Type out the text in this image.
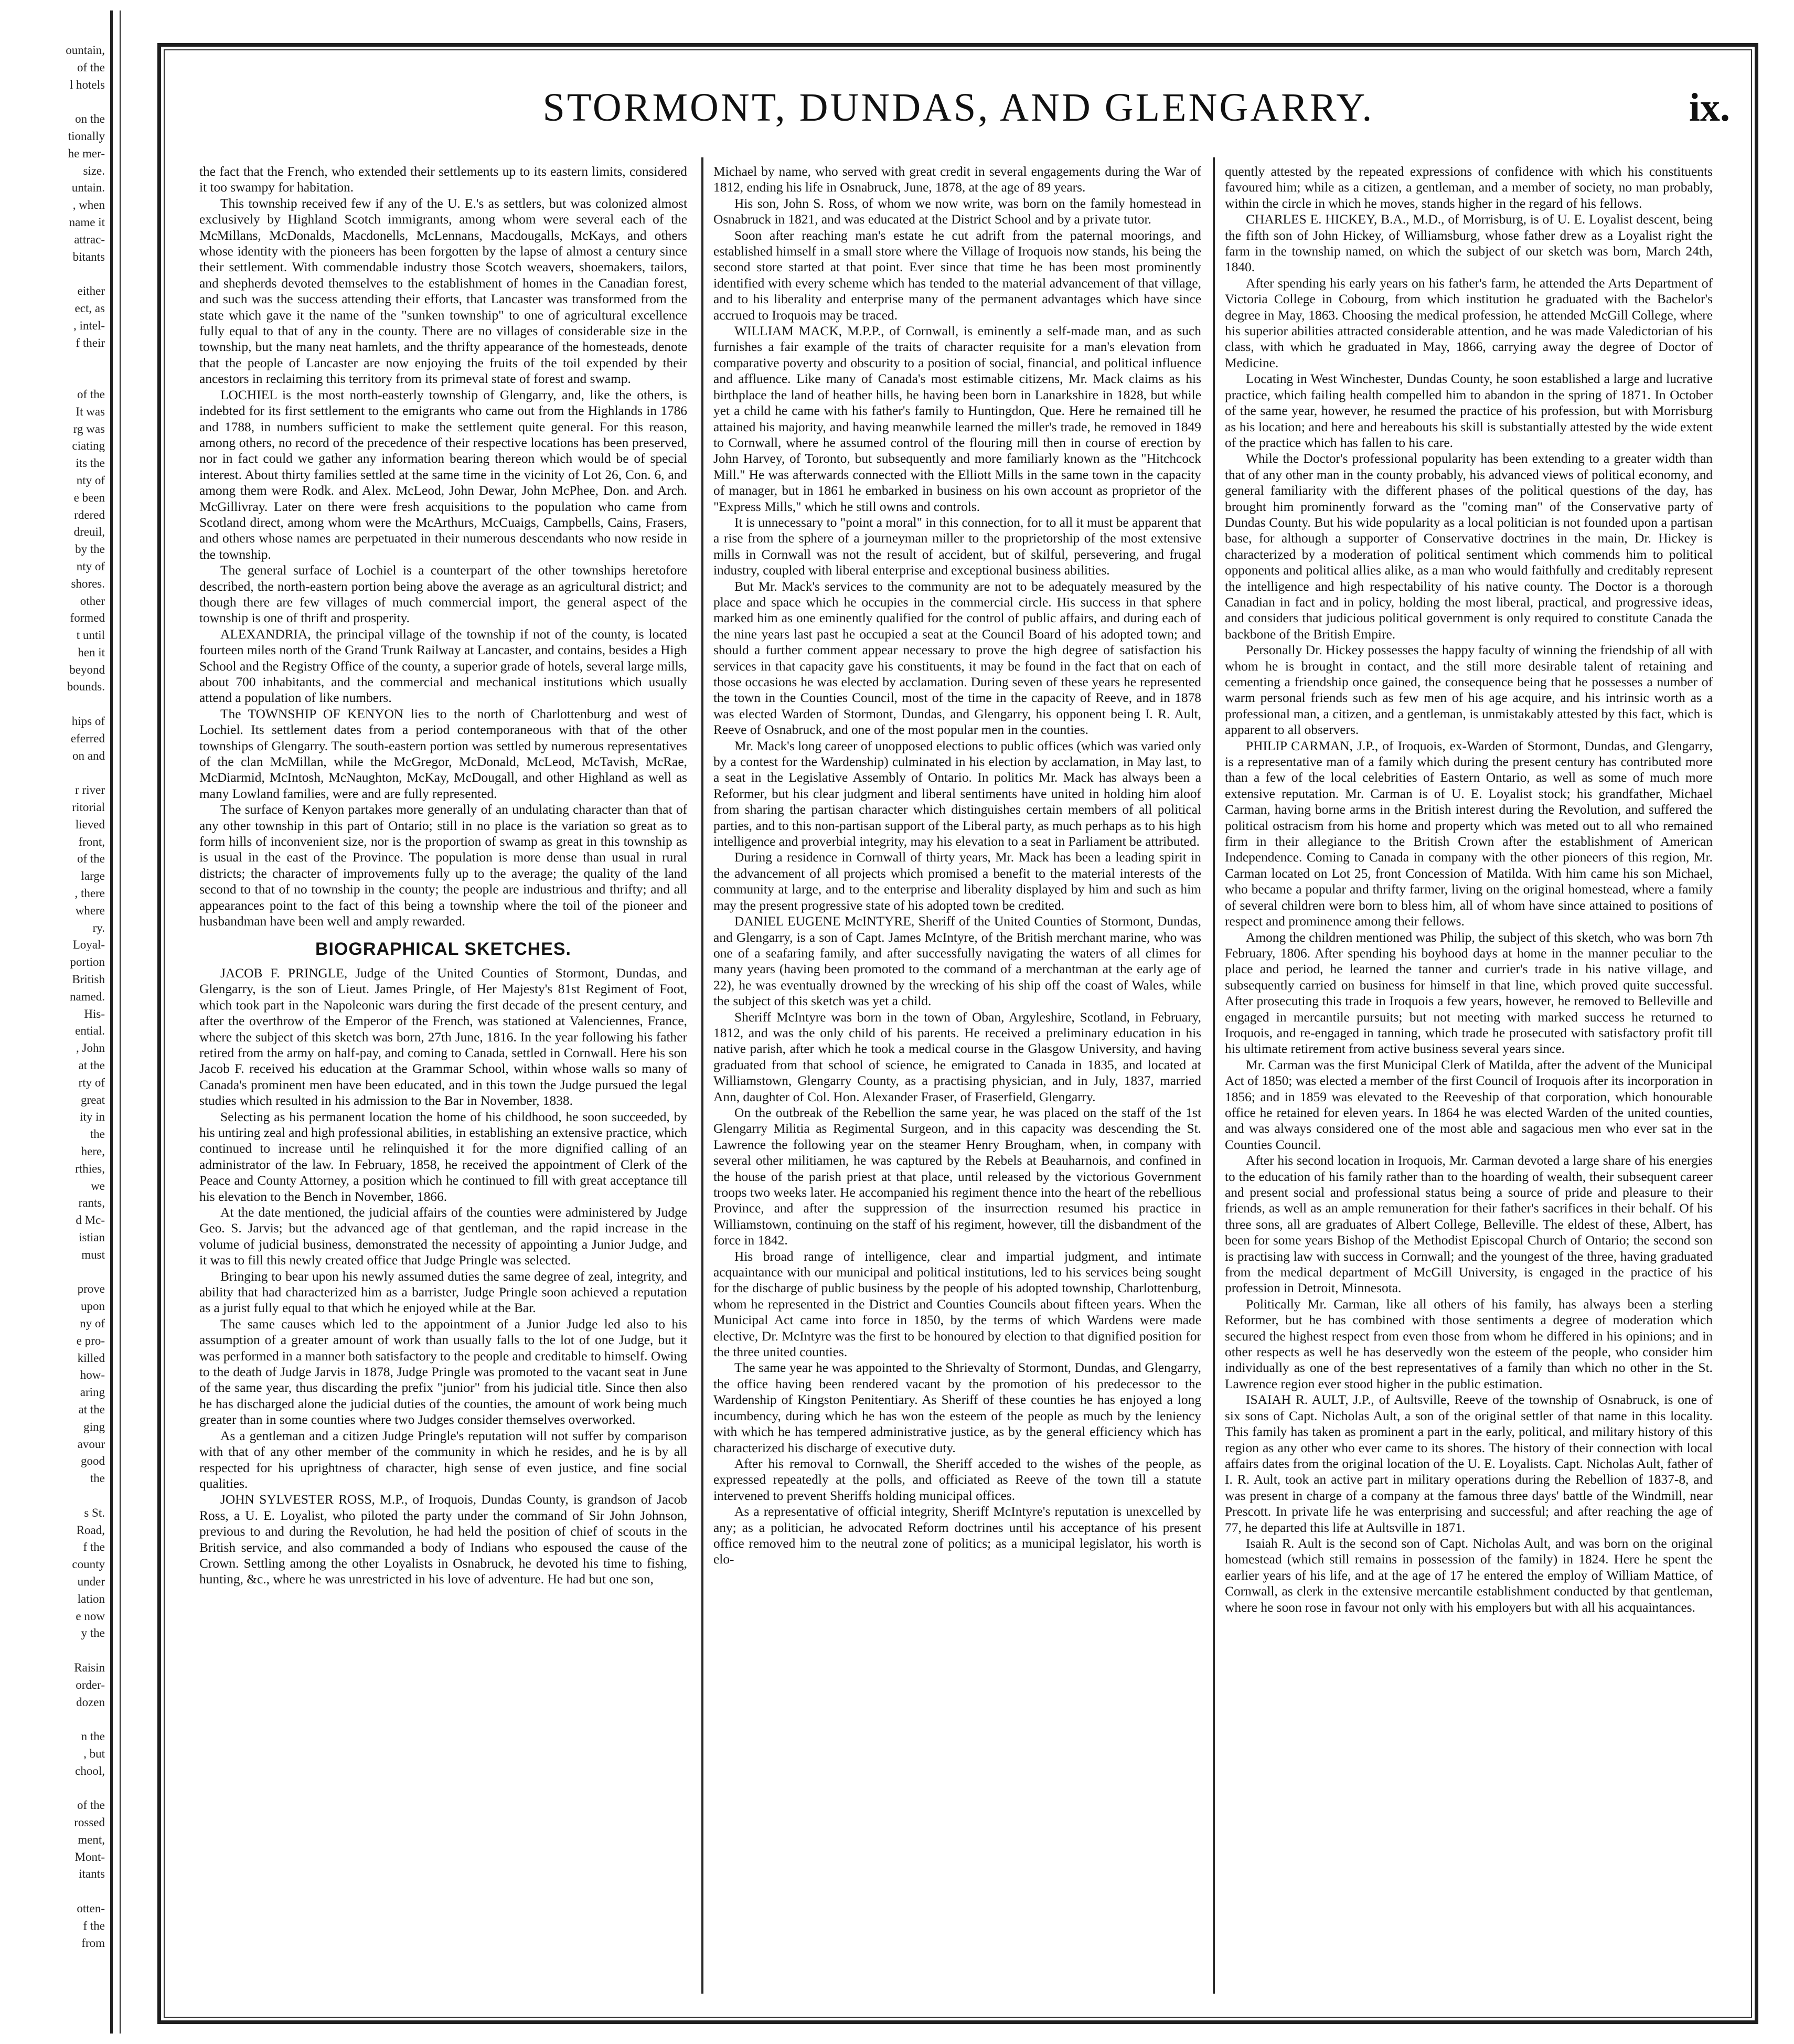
ountain,
of the
l hotels

on the
tionally
he mer-
size.
untain.
, when
name it
attrac-
bitants

either
ect, as
, intel-
f their

of the
It was
rg was
ciating
its the
nty of
e been
rdered
dreuil,
by the
nty of
shores.
other
formed
t until
hen it
beyond
bounds.

hips of
eferred
on and

r river
ritorial
lieved
front,
of the
large
, there
where
ry.
Loyal-
portion
British
named.
His-
ential.
, John
at the
rty of
great
ity in
the
here,
rthies,
we
rants,
d Mc-
istian
must

prove
upon
ny of
e pro-
killed
how-
aring
at the
ging
avour
good
the

s St.
Road,
f the
county
under
lation
e now
y the

Raisin
order-
dozen

n the
, but
chool,

of the
rossed
ment,
Mont-
itants

otten-
f the
from
STORMONT, DUNDAS, AND GLENGARRY.	ix.

the fact that the French, who extended their settlements up to its eastern limits, considered it too swampy for habitation.

This township received few if any of the U. E.'s as settlers, but was colonized almost exclusively by Highland Scotch immigrants, among whom were several each of the McMillans, McDonalds, Macdonells, McLennans, Macdougalls, McKays, and others whose identity with the pioneers has been forgotten by the lapse of almost a century since their settlement. With commendable industry those Scotch weavers, shoemakers, tailors, and shepherds devoted themselves to the establishment of homes in the Canadian forest, and such was the success attending their efforts, that Lancaster was transformed from the state which gave it the name of the "sunken township" to one of agricultural excellence fully equal to that of any in the county. There are no villages of considerable size in the township, but the many neat hamlets, and the thrifty appearance of the homesteads, denote that the people of Lancaster are now enjoying the fruits of the toil expended by their ancestors in reclaiming this territory from its primeval state of forest and swamp.

LOCHIEL is the most north-easterly township of Glengarry, and, like the others, is indebted for its first settlement to the emigrants who came out from the Highlands in 1786 and 1788, in numbers sufficient to make the settlement quite general. For this reason, among others, no record of the precedence of their respective locations has been preserved, nor in fact could we gather any information bearing thereon which would be of special interest. About thirty families settled at the same time in the vicinity of Lot 26, Con. 6, and among them were Rodk. and Alex. McLeod, John Dewar, John McPhee, Don. and Arch. McGillivray. Later on there were fresh acquisitions to the population who came from Scotland direct, among whom were the McArthurs, McCuaigs, Campbells, Cains, Frasers, and others whose names are perpetuated in their numerous descendants who now reside in the township.

The general surface of Lochiel is a counterpart of the other townships heretofore described, the north-eastern portion being above the average as an agricultural district; and though there are few villages of much commercial import, the general aspect of the township is one of thrift and prosperity.

ALEXANDRIA, the principal village of the township if not of the county, is located fourteen miles north of the Grand Trunk Railway at Lancaster, and contains, besides a High School and the Registry Office of the county, a superior grade of hotels, several large mills, about 700 inhabitants, and the commercial and mechanical institutions which usually attend a population of like numbers.

The TOWNSHIP OF KENYON lies to the north of Charlottenburg and west of Lochiel. Its settlement dates from a period contemporaneous with that of the other townships of Glengarry. The south-eastern portion was settled by numerous representatives of the clan McMillan, while the McGregor, McDonald, McLeod, McTavish, McRae, McDiarmid, McIntosh, McNaughton, McKay, McDougall, and other Highland as well as many Lowland families, were and are fully represented.

The surface of Kenyon partakes more generally of an undulating character than that of any other township in this part of Ontario; still in no place is the variation so great as to form hills of inconvenient size, nor is the proportion of swamp as great in this township as is usual in the east of the Province. The population is more dense than usual in rural districts; the character of improvements fully up to the average; the quality of the land second to that of no township in the county; the people are industrious and thrifty; and all appearances point to the fact of this being a township where the toil of the pioneer and husbandman have been well and amply rewarded.

BIOGRAPHICAL SKETCHES.

JACOB F. PRINGLE, Judge of the United Counties of Stormont, Dundas, and Glengarry, is the son of Lieut. James Pringle, of Her Majesty's 81st Regiment of Foot, which took part in the Napoleonic wars during the first decade of the present century, and after the overthrow of the Emperor of the French, was stationed at Valenciennes, France, where the subject of this sketch was born, 27th June, 1816. In the year following his father retired from the army on half-pay, and coming to Canada, settled in Cornwall. Here his son Jacob F. received his education at the Grammar School, within whose walls so many of Canada's prominent men have been educated, and in this town the Judge pursued the legal studies which resulted in his admission to the Bar in November, 1838.

Selecting as his permanent location the home of his childhood, he soon succeeded, by his untiring zeal and high professional abilities, in establishing an extensive practice, which continued to increase until he relinquished it for the more dignified calling of an administrator of the law. In February, 1858, he received the appointment of Clerk of the Peace and County Attorney, a position which he continued to fill with great acceptance till his elevation to the Bench in November, 1866.

At the date mentioned, the judicial affairs of the counties were administered by Judge Geo. S. Jarvis; but the advanced age of that gentleman, and the rapid increase in the volume of judicial business, demonstrated the necessity of appointing a Junior Judge, and it was to fill this newly created office that Judge Pringle was selected.

Bringing to bear upon his newly assumed duties the same degree of zeal, integrity, and ability that had characterized him as a barrister, Judge Pringle soon achieved a reputation as a jurist fully equal to that which he enjoyed while at the Bar.

The same causes which led to the appointment of a Junior Judge led also to his assumption of a greater amount of work than usually falls to the lot of one Judge, but it was performed in a manner both satisfactory to the people and creditable to himself. Owing to the death of Judge Jarvis in 1878, Judge Pringle was promoted to the vacant seat in June of the same year, thus discarding the prefix "junior" from his judicial title. Since then also he has discharged alone the judicial duties of the counties, the amount of work being much greater than in some counties where two Judges consider themselves overworked.

As a gentleman and a citizen Judge Pringle's reputation will not suffer by comparison with that of any other member of the community in which he resides, and he is by all respected for his uprightness of character, high sense of even justice, and fine social qualities.

JOHN SYLVESTER ROSS, M.P., of Iroquois, Dundas County, is grandson of Jacob Ross, a U. E. Loyalist, who piloted the party under the command of Sir John Johnson, previous to and during the Revolution, he had held the position of chief of scouts in the British service, and also commanded a body of Indians who espoused the cause of the Crown. Settling among the other Loyalists in Osnabruck, he devoted his time to fishing, hunting, &c., where he was unrestricted in his love of adventure. He had but one son,

Michael by name, who served with great credit in several engagements during the War of 1812, ending his life in Osnabruck, June, 1878, at the age of 89 years.

His son, John S. Ross, of whom we now write, was born on the family homestead in Osnabruck in 1821, and was educated at the District School and by a private tutor.

Soon after reaching man's estate he cut adrift from the paternal moorings, and established himself in a small store where the Village of Iroquois now stands, his being the second store started at that point. Ever since that time he has been most prominently identified with every scheme which has tended to the material advancement of that village, and to his liberality and enterprise many of the permanent advantages which have since accrued to Iroquois may be traced.

WILLIAM MACK, M.P.P., of Cornwall, is eminently a self-made man, and as such furnishes a fair example of the traits of character requisite for a man's elevation from comparative poverty and obscurity to a position of social, financial, and political influence and affluence. Like many of Canada's most estimable citizens, Mr. Mack claims as his birthplace the land of heather hills, he having been born in Lanarkshire in 1828, but while yet a child he came with his father's family to Huntingdon, Que. Here he remained till he attained his majority, and having meanwhile learned the miller's trade, he removed in 1849 to Cornwall, where he assumed control of the flouring mill then in course of erection by John Harvey, of Toronto, but subsequently and more familiarly known as the "Hitchcock Mill." He was afterwards connected with the Elliott Mills in the same town in the capacity of manager, but in 1861 he embarked in business on his own account as proprietor of the "Express Mills," which he still owns and controls.

It is unnecessary to "point a moral" in this connection, for to all it must be apparent that a rise from the sphere of a journeyman miller to the proprietorship of the most extensive mills in Cornwall was not the result of accident, but of skilful, persevering, and frugal industry, coupled with liberal enterprise and exceptional business abilities.

But Mr. Mack's services to the community are not to be adequately measured by the place and space which he occupies in the commercial circle. His success in that sphere marked him as one eminently qualified for the control of public affairs, and during each of the nine years last past he occupied a seat at the Council Board of his adopted town; and should a further comment appear necessary to prove the high degree of satisfaction his services in that capacity gave his constituents, it may be found in the fact that on each of those occasions he was elected by acclamation. During seven of these years he represented the town in the Counties Council, most of the time in the capacity of Reeve, and in 1878 was elected Warden of Stormont, Dundas, and Glengarry, his opponent being I. R. Ault, Reeve of Osnabruck, and one of the most popular men in the counties.

Mr. Mack's long career of unopposed elections to public offices (which was varied only by a contest for the Wardenship) culminated in his election by acclamation, in May last, to a seat in the Legislative Assembly of Ontario. In politics Mr. Mack has always been a Reformer, but his clear judgment and liberal sentiments have united in holding him aloof from sharing the partisan character which distinguishes certain members of all political parties, and to this non-partisan support of the Liberal party, as much perhaps as to his high intelligence and proverbial integrity, may his elevation to a seat in Parliament be attributed.

During a residence in Cornwall of thirty years, Mr. Mack has been a leading spirit in the advancement of all projects which promised a benefit to the material interests of the community at large, and to the enterprise and liberality displayed by him and such as him may the present progressive state of his adopted town be credited.

DANIEL EUGENE McINTYRE, Sheriff of the United Counties of Stormont, Dundas, and Glengarry, is a son of Capt. James McIntyre, of the British merchant marine, who was one of a seafaring family, and after successfully navigating the waters of all climes for many years (having been promoted to the command of a merchantman at the early age of 22), he was eventually drowned by the wrecking of his ship off the coast of Wales, while the subject of this sketch was yet a child.

Sheriff McIntyre was born in the town of Oban, Argyleshire, Scotland, in February, 1812, and was the only child of his parents. He received a preliminary education in his native parish, after which he took a medical course in the Glasgow University, and having graduated from that school of science, he emigrated to Canada in 1835, and located at Williamstown, Glengarry County, as a practising physician, and in July, 1837, married Ann, daughter of Col. Hon. Alexander Fraser, of Fraserfield, Glengarry.

On the outbreak of the Rebellion the same year, he was placed on the staff of the 1st Glengarry Militia as Regimental Surgeon, and in this capacity was descending the St. Lawrence the following year on the steamer Henry Brougham, when, in company with several other militiamen, he was captured by the Rebels at Beauharnois, and confined in the house of the parish priest at that place, until released by the victorious Government troops two weeks later. He accompanied his regiment thence into the heart of the rebellious Province, and after the suppression of the insurrection resumed his practice in Williamstown, continuing on the staff of his regiment, however, till the disbandment of the force in 1842.

His broad range of intelligence, clear and impartial judgment, and intimate acquaintance with our municipal and political institutions, led to his services being sought for the discharge of public business by the people of his adopted township, Charlottenburg, whom he represented in the District and Counties Councils about fifteen years. When the Municipal Act came into force in 1850, by the terms of which Wardens were made elective, Dr. McIntyre was the first to be honoured by election to that dignified position for the three united counties.

The same year he was appointed to the Shrievalty of Stormont, Dundas, and Glengarry, the office having been rendered vacant by the promotion of his predecessor to the Wardenship of Kingston Penitentiary. As Sheriff of these counties he has enjoyed a long incumbency, during which he has won the esteem of the people as much by the leniency with which he has tempered administrative justice, as by the general efficiency which has characterized his discharge of executive duty.

After his removal to Cornwall, the Sheriff acceded to the wishes of the people, as expressed repeatedly at the polls, and officiated as Reeve of the town till a statute intervened to prevent Sheriffs holding municipal offices.

As a representative of official integrity, Sheriff McIntyre's reputation is unexcelled by any; as a politician, he advocated Reform doctrines until his acceptance of his present office removed him to the neutral zone of politics; as a municipal legislator, his worth is elo-

quently attested by the repeated expressions of confidence with which his constituents favoured him; while as a citizen, a gentleman, and a member of society, no man probably, within the circle in which he moves, stands higher in the regard of his fellows.

CHARLES E. HICKEY, B.A., M.D., of Morrisburg, is of U. E. Loyalist descent, being the fifth son of John Hickey, of Williamsburg, whose father drew as a Loyalist right the farm in the township named, on which the subject of our sketch was born, March 24th, 1840.

After spending his early years on his father's farm, he attended the Arts Department of Victoria College in Cobourg, from which institution he graduated with the Bachelor's degree in May, 1863. Choosing the medical profession, he attended McGill College, where his superior abilities attracted considerable attention, and he was made Valedictorian of his class, with which he graduated in May, 1866, carrying away the degree of Doctor of Medicine.

Locating in West Winchester, Dundas County, he soon established a large and lucrative practice, which failing health compelled him to abandon in the spring of 1871. In October of the same year, however, he resumed the practice of his profession, but with Morrisburg as his location; and here and hereabouts his skill is substantially attested by the wide extent of the practice which has fallen to his care.

While the Doctor's professional popularity has been extending to a greater width than that of any other man in the county probably, his advanced views of political economy, and general familiarity with the different phases of the political questions of the day, has brought him prominently forward as the "coming man" of the Conservative party of Dundas County. But his wide popularity as a local politician is not founded upon a partisan base, for although a supporter of Conservative doctrines in the main, Dr. Hickey is characterized by a moderation of political sentiment which commends him to political opponents and political allies alike, as a man who would faithfully and creditably represent the intelligence and high respectability of his native county. The Doctor is a thorough Canadian in fact and in policy, holding the most liberal, practical, and progressive ideas, and considers that judicious political government is only required to constitute Canada the backbone of the British Empire.

Personally Dr. Hickey possesses the happy faculty of winning the friendship of all with whom he is brought in contact, and the still more desirable talent of retaining and cementing a friendship once gained, the consequence being that he possesses a number of warm personal friends such as few men of his age acquire, and his intrinsic worth as a professional man, a citizen, and a gentleman, is unmistakably attested by this fact, which is apparent to all observers.

PHILIP CARMAN, J.P., of Iroquois, ex-Warden of Stormont, Dundas, and Glengarry, is a representative man of a family which during the present century has contributed more than a few of the local celebrities of Eastern Ontario, as well as some of much more extensive reputation. Mr. Carman is of U. E. Loyalist stock; his grandfather, Michael Carman, having borne arms in the British interest during the Revolution, and suffered the political ostracism from his home and property which was meted out to all who remained firm in their allegiance to the British Crown after the establishment of American Independence. Coming to Canada in company with the other pioneers of this region, Mr. Carman located on Lot 25, front Concession of Matilda. With him came his son Michael, who became a popular and thrifty farmer, living on the original homestead, where a family of several children were born to bless him, all of whom have since attained to positions of respect and prominence among their fellows.

Among the children mentioned was Philip, the subject of this sketch, who was born 7th February, 1806. After spending his boyhood days at home in the manner peculiar to the place and period, he learned the tanner and currier's trade in his native village, and subsequently carried on business for himself in that line, which proved quite successful. After prosecuting this trade in Iroquois a few years, however, he removed to Belleville and engaged in mercantile pursuits; but not meeting with marked success he returned to Iroquois, and re-engaged in tanning, which trade he prosecuted with satisfactory profit till his ultimate retirement from active business several years since.

Mr. Carman was the first Municipal Clerk of Matilda, after the advent of the Municipal Act of 1850; was elected a member of the first Council of Iroquois after its incorporation in 1856; and in 1859 was elevated to the Reeveship of that corporation, which honourable office he retained for eleven years. In 1864 he was elected Warden of the united counties, and was always considered one of the most able and sagacious men who ever sat in the Counties Council.

After his second location in Iroquois, Mr. Carman devoted a large share of his energies to the education of his family rather than to the hoarding of wealth, their subsequent career and present social and professional status being a source of pride and pleasure to their friends, as well as an ample remuneration for their father's sacrifices in their behalf. Of his three sons, all are graduates of Albert College, Belleville. The eldest of these, Albert, has been for some years Bishop of the Methodist Episcopal Church of Ontario; the second son is practising law with success in Cornwall; and the youngest of the three, having graduated from the medical department of McGill University, is engaged in the practice of his profession in Detroit, Minnesota.

Politically Mr. Carman, like all others of his family, has always been a sterling Reformer, but he has combined with those sentiments a degree of moderation which secured the highest respect from even those from whom he differed in his opinions; and in other respects as well he has deservedly won the esteem of the people, who consider him individually as one of the best representatives of a family than which no other in the St. Lawrence region ever stood higher in the public estimation.

ISAIAH R. AULT, J.P., of Aultsville, Reeve of the township of Osnabruck, is one of six sons of Capt. Nicholas Ault, a son of the original settler of that name in this locality. This family has taken as prominent a part in the early, political, and military history of this region as any other who ever came to its shores. The history of their connection with local affairs dates from the original location of the U. E. Loyalists. Capt. Nicholas Ault, father of I. R. Ault, took an active part in military operations during the Rebellion of 1837-8, and was present in charge of a company at the famous three days' battle of the Windmill, near Prescott. In private life he was enterprising and successful; and after reaching the age of 77, he departed this life at Aultsville in 1871.

Isaiah R. Ault is the second son of Capt. Nicholas Ault, and was born on the original homestead (which still remains in possession of the family) in 1824. Here he spent the earlier years of his life, and at the age of 17 he entered the employ of William Mattice, of Cornwall, as clerk in the extensive mercantile establishment conducted by that gentleman, where he soon rose in favour not only with his employers but with all his acquaintances.
